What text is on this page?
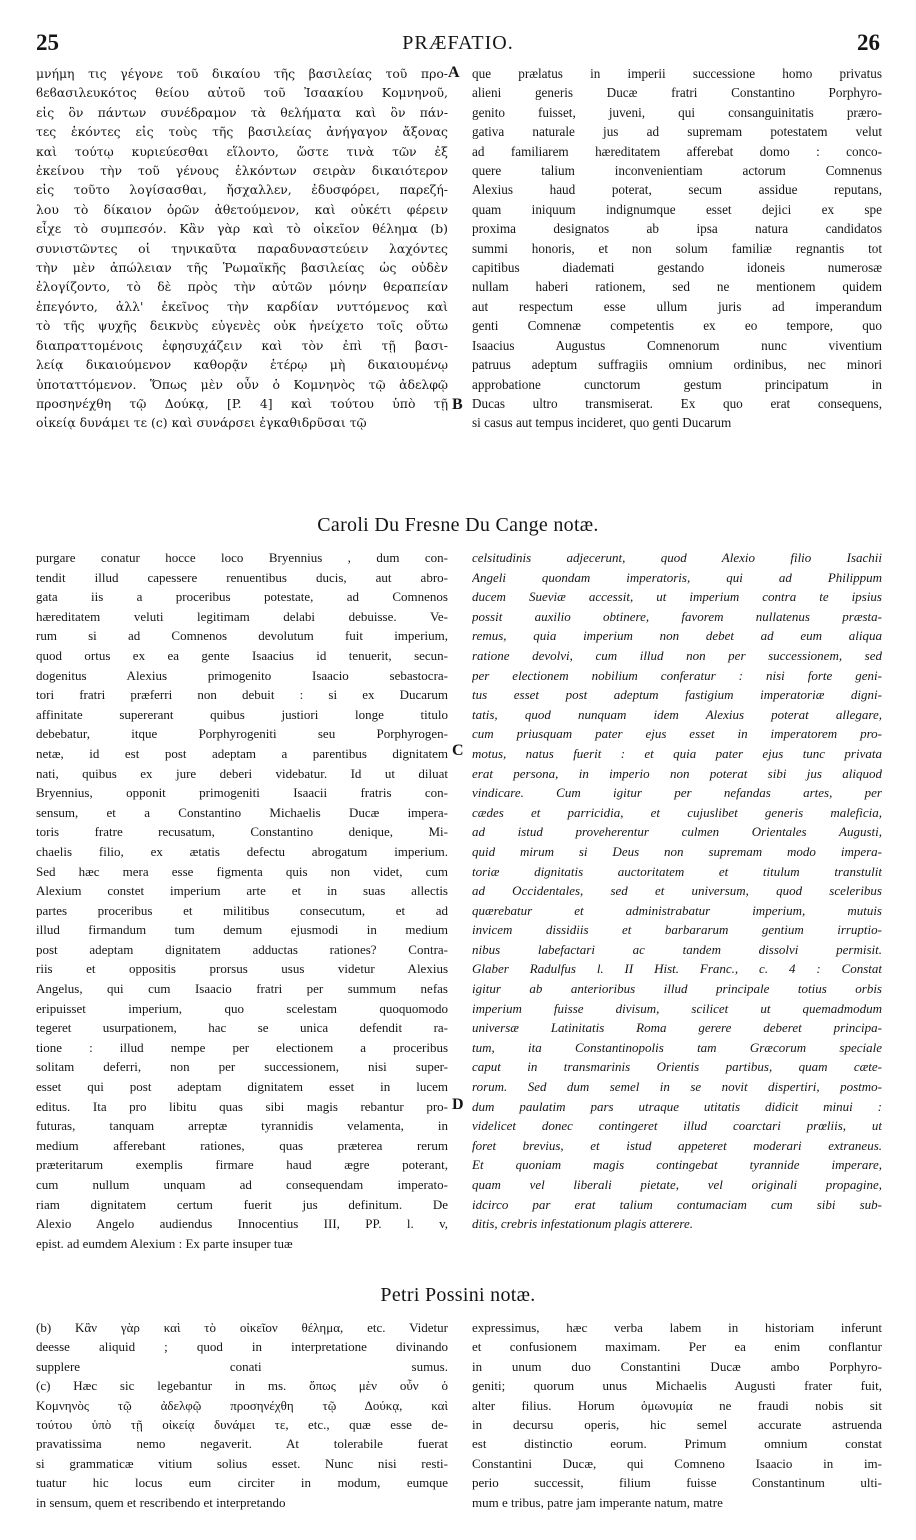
25	PRÆFATIO.	26
μνήμη τις γέγονε τοῦ δικαίου τῆς βασιλείας τοῦ προ-
ϐεϐασιλευκότος θείου αὐτοῦ τοῦ Ἰσαακίου Κομνηνοῦ,
εἰς ὃν πάντων συνέδραμον τὰ θελήματα καὶ ὃν πάν-
τες ἑκόντες εἰς τοὺς τῆς βασιλείας ἀνήγαγον ἄξονας
καὶ τούτῳ κυριεύεσθαι εἵλοντο, ὥστε τινὰ τῶν ἐξ
ἐκείνου τὴν τοῦ γένους ἑλκόντων σειρὰν δικαιότερον
εἰς τοῦτο λογίσασθαι, ἤσχαλλεν, ἐδυσφόρει, παρεζή-
λου τὸ δίκαιον ὁρῶν ἀθετούμενον, καὶ οὐκέτι φέρειν
εἶχε τὸ συμπεσόν. Κἂν γὰρ καὶ τὸ οἰκεῖον θέλημα (b)
συνιστῶντες οἱ τηνικαῦτα παραδυναστεύειν λαχόντες
τὴν μὲν ἀπώλειαν τῆς Ῥωμαϊκῆς βασιλείας ὡς οὐδὲν
ἐλογίζοντο, τὸ δὲ πρὸς τὴν αὐτῶν μόνην θεραπείαν
ἐπεγόντο, ἀλλ' ἐκεῖνος τὴν καρδίαν νυττόμενος καὶ
τὸ τῆς ψυχῆς δεικνὺς εὐγενὲς οὐκ ἠνείχετο τοῖς οὕτω
διαπραττομένοις ἐφησυχάζειν καὶ τὸν ἐπὶ τῇ βασι-
λείᾳ δικαιούμενον καθορᾷν ἑτέρῳ μὴ δικαιουμένῳ
ὑποταττόμενον. Ὅπως μὲν οὖν ὁ Κομνηνὸς τῷ ἀδελφῷ
προσηνέχθη τῷ Δούκᾳ, [P. 4] καὶ τούτου ὑπὸ τῇ
οἰκείᾳ δυνάμει τε (c) καὶ συνάρσει ἐγκαθιδρῦσαι τῷ
que prælatus in imperii successione homo privatus
alieni generis Ducæ fratri Constantino Porphyro-
genito fuisset, juveni, qui consanguinitatis præro-
gativa naturale jus ad supremam potestatem velut
ad familiarem hæreditatem afferebat domo : conco-
quere talium inconvenientiam actorum Comnenus
Alexius haud poterat, secum assidue reputans,
quam iniquum indignumque esset dejici ex spe
proxima designatos ab ipsa natura candidatos
summi honoris, et non solum familiæ regnantis tot
capitibus diademati gestando idoneis numerosæ
nullam haberi rationem, sed ne mentionem quidem
aut respectum esse ullum juris ad imperandum
genti Comnenæ competentis ex eo tempore, quo
Isaacius Augustus Comnenorum nunc viventium
patruus adeptum suffragiis omnium ordinibus, nec minori
approbatione cunctorum gestum principatum in
Ducas ultro transmiserat. Ex quo erat consequens,
si casus aut tempus incideret, quo genti Ducarum
A
B
Caroli Du Fresne Du Cange notæ.
purgare conatur hocce loco Bryennius , dum con-
tendit illud capessere renuentibus ducis, aut abro-
gata iis a proceribus potestate, ad Comnenos
hæreditatem veluti legitimam delabi debuisse. Ve-
rum si ad Comnenos devolutum fuit imperium,
quod ortus ex ea gente Isaacius id tenuerit, secun-
dogenitus Alexius primogenito Isaacio sebastocra-
tori fratri præferri non debuit : si ex Ducarum
affinitate supererant quibus justiori longe titulo
debebatur, itque Porphyrogeniti seu Porphyrogen-
netæ, id est post adeptam a parentibus dignitatem
nati, quibus ex jure deberi videbatur. Id ut diluat
Bryennius, opponit primogeniti Isaacii fratris con-
sensum, et a Constantino Michaelis Ducæ impera-
toris fratre recusatum, Constantino denique, Mi-
chaelis filio, ex ætatis defectu abrogatum imperium.
Sed hæc mera esse figmenta quis non videt, cum
Alexium constet imperium arte et in suas allectis
partes proceribus et militibus consecutum, et ad
illud firmandum tum demum ejusmodi in medium
post adeptam dignitatem adductas rationes? Contra-
riis et oppositis prorsus usus videtur Alexius
Angelus, qui cum Isaacio fratri per summum nefas
eripuisset imperium, quo scelestam quoquomodo
tegeret usurpationem, hac se unica defendit ra-
tione : illud nempe per electionem a proceribus
solitam deferri, non per successionem, nisi super-
esset qui post adeptam dignitatem esset in lucem
editus. Ita pro libitu quas sibi magis rebantur pro-
futuras, tanquam arreptæ tyrannidis velamenta, in
medium afferebant rationes, quas præterea rerum
præteritarum exemplis firmare haud ægre poterant,
cum nullum unquam ad consequendam imperato-
riam dignitatem certum fuerit jus definitum. De
Alexio Angelo audiendus Innocentius III, PP. l. v,
epist. ad eumdem Alexium : Ex parte insuper tuæ
celsitudinis adjecerunt, quod Alexio filio Isachii
Angeli quondam imperatoris, qui ad Philippum
ducem Sueviæ accessit, ut imperium contra te ipsius
possit auxilio obtinere, favorem nullatenus præsta-
remus, quia imperium non debet ad eum aliqua
ratione devolvi, cum illud non per successionem, sed
per electionem nobilium conferatur : nisi forte geni-
tus esset post adeptum fastigium imperatoriæ digni-
tatis, quod nunquam idem Alexius poterat allegare,
cum priusquam pater ejus esset in imperatorem pro-
motus, natus fuerit : et quia pater ejus tunc privata
erat persona, in imperio non poterat sibi jus aliquod
vindicare. Cum igitur per nefandas artes, per
cædes et parricidia, et cujuslibet generis maleficia,
ad istud proveherentur culmen Orientales Augusti,
quid mirum si Deus non supremam modo impera-
toriæ dignitatis auctoritatem et titulum transtulit
ad Occidentales, sed et universum, quod sceleribus
quærebatur et administrabatur imperium, mutuis
invicem dissidiis et barbararum gentium irruptio-
nibus labefactari ac tandem dissolvi permisit.
Glaber Radulfus l. II Hist. Franc., c. 4 : Constat
igitur ab anterioribus illud principale totius orbis
imperium fuisse divisum, scilicet ut quemadmodum
universæ Latinitatis Roma gerere deberet principa-
tum, ita Constantinopolis tam Græcorum speciale
caput in transmarinis Orientis partibus, quam cæte-
rorum. Sed dum semel in se novit dispertiri, postmo-
dum paulatim pars utraque utitatis didicit minui :
videlicet donec contingeret illud coarctari prœliis, ut
foret brevius, et istud appeteret moderari extraneus.
Et quoniam magis contingebat tyrannide imperare,
quam vel liberali pietate, vel originali propagine,
idcirco par erat talium contumaciam cum sibi sub-
ditis, crebris infestationum plagis atterere.
C
D
Petri Possini notæ.
(b) Κἂν γὰρ καὶ τὸ οἰκεῖον θέλημα, etc. Videtur
deesse aliquid ; quod in interpretatione divinando
supplere conati sumus.
(c) Hæc sic legebantur in ms. ὅπως μὲν οὖν ὁ
Κομνηνὸς τῷ ἀδελφῷ προσηνέχθη τῷ Δούκᾳ, καὶ
τούτου ὑπὸ τῇ οἰκείᾳ δυνάμει τε, etc., quæ esse de-
pravatissima nemo negaverit. At tolerabile fuerat
si grammaticæ vitium solius esset. Nunc nisi resti-
tuatur hic locus eum circiter in modum, eumque
in sensum, quem et rescribendo et interpretando
expressimus, hæc verba labem in historiam inferunt
et confusionem maximam. Per ea enim conflantur
in unum duo Constantini Ducæ ambo Porphyro-
geniti; quorum unus Michaelis Augusti frater fuit,
alter filius. Horum ὁμωνυμία ne fraudi nobis sit
in decursu operis, hic semel accurate astruenda
est distinctio eorum. Primum omnium constat
Constantini Ducæ, qui Comneno Isaacio in im-
perio successit, filium fuisse Constantinum ulti-
mum e tribus, patre jam imperante natum, matre
